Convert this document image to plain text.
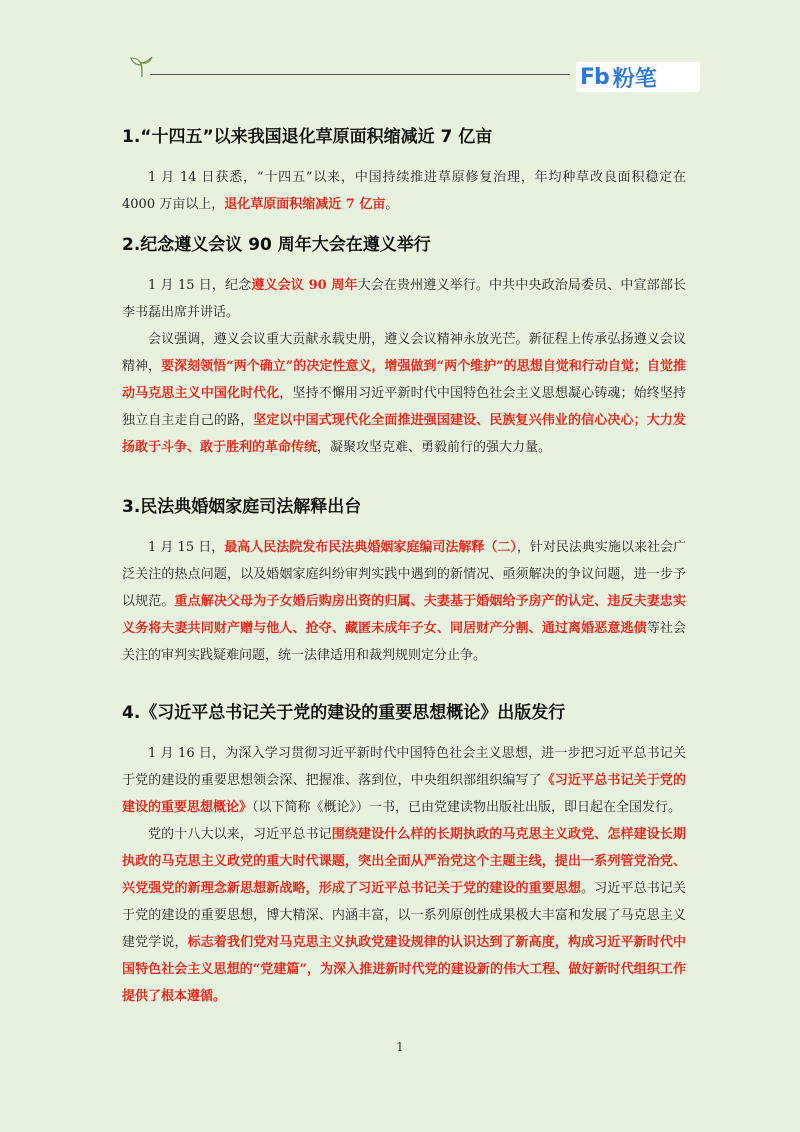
Fb 粉笔
1.“十四五”以来我国退化草原面积缩减近 7 亿亩

1 月 14 日获悉，“十四五”以来，中国持续推进草原修复治理，年均种草改良面积稳定在 4000 万亩以上，退化草原面积缩减近 7 亿亩。

2.纪念遵义会议 90 周年大会在遵义举行

1 月 15 日，纪念遵义会议 90 周年大会在贵州遵义举行。中共中央政治局委员、中宣部部长李书磊出席并讲话。

会议强调，遵义会议重大贡献永载史册，遵义会议精神永放光芒。新征程上传承弘扬遵义会议精神，要深刻领悟“两个确立”的决定性意义，增强做到“两个维护”的思想自觉和行动自觉；自觉推动马克思主义中国化时代化，坚持不懈用习近平新时代中国特色社会主义思想凝心铸魂；始终坚持独立自主走自己的路，坚定以中国式现代化全面推进强国建设、民族复兴伟业的信心决心；大力发扬敢于斗争、敢于胜利的革命传统，凝聚攻坚克难、勇毅前行的强大力量。

3.民法典婚姻家庭司法解释出台

1 月 15 日，最高人民法院发布民法典婚姻家庭编司法解释（二），针对民法典实施以来社会广泛关注的热点问题，以及婚姻家庭纠纷审判实践中遇到的新情况、亟须解决的争议问题，进一步予以规范。重点解决父母为子女婚后购房出资的归属、夫妻基于婚姻给予房产的认定、违反夫妻忠实义务将夫妻共同财产赠与他人、抢夺、藏匿未成年子女、同居财产分割、通过离婚恶意逃债等社会关注的审判实践疑难问题，统一法律适用和裁判规则定分止争。

4.《习近平总书记关于党的建设的重要思想概论》出版发行

1 月 16 日，为深入学习贯彻习近平新时代中国特色社会主义思想，进一步把习近平总书记关于党的建设的重要思想领会深、把握准、落到位，中央组织部组织编写了《习近平总书记关于党的建设的重要思想概论》（以下简称《概论》）一书，已由党建读物出版社出版，即日起在全国发行。

党的十八大以来，习近平总书记围绕建设什么样的长期执政的马克思主义政党、怎样建设长期执政的马克思主义政党的重大时代课题，突出全面从严治党这个主题主线，提出一系列管党治党、兴党强党的新理念新思想新战略，形成了习近平总书记关于党的建设的重要思想。习近平总书记关于党的建设的重要思想，博大精深、内涵丰富，以一系列原创性成果极大丰富和发展了马克思主义建党学说，标志着我们党对马克思主义执政党建设规律的认识达到了新高度，构成习近平新时代中国特色社会主义思想的“党建篇”，为深入推进新时代党的建设新的伟大工程、做好新时代组织工作提供了根本遵循。

1
